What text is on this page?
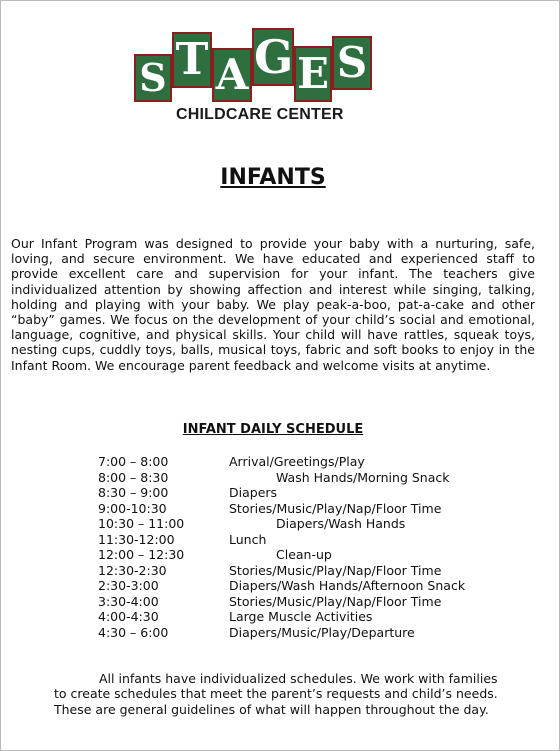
S T A G E S
CHILDCARE CENTER
INFANTS

Our Infant Program was designed to provide your baby with a nurturing, safe, loving, and secure environment. We have educated and experienced staff to provide excellent care and supervision for your infant. The teachers give individualized attention by showing affection and interest while singing, talking, holding and playing with your baby. We play peak-a-boo, pat-a-cake and other “baby” games. We focus on the development of your child’s social and emotional, language, cognitive, and physical skills. Your child will have rattles, squeak toys, nesting cups, cuddly toys, balls, musical toys, fabric and soft books to enjoy in the Infant Room. We encourage parent feedback and welcome visits at anytime.

INFANT DAILY SCHEDULE
7:00 – 8:00	Arrival/Greetings/Play
8:00 – 8:30	Wash Hands/Morning Snack
8:30 – 9:00	Diapers
9:00-10:30	Stories/Music/Play/Nap/Floor Time
10:30 – 11:00	Diapers/Wash Hands
11:30-12:00	Lunch
12:00 – 12:30	Clean-up
12:30-2:30	Stories/Music/Play/Nap/Floor Time
2:30-3:00	Diapers/Wash Hands/Afternoon Snack
3:30-4:00	Stories/Music/Play/Nap/Floor Time
4:00-4:30	Large Muscle Activities
4:30 – 6:00	Diapers/Music/Play/Departure
All infants have individualized schedules. We work with families
to create schedules that meet the parent’s requests and child’s needs.
These are general guidelines of what will happen throughout the day.
